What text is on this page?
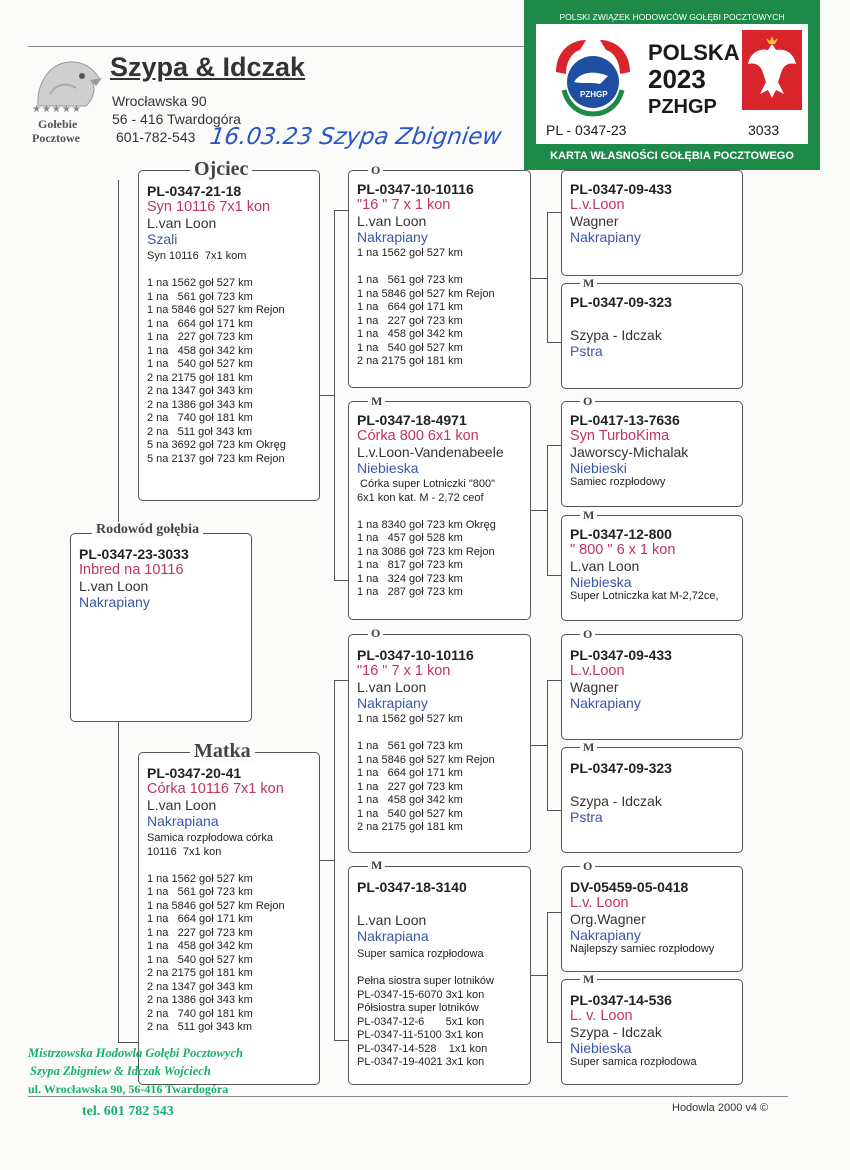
★★★★★
Gołebie
Pocztowe
Szypa & Idczak
Wrocławska 90
56 - 416 Twardogóra
601-782-543 16.03.23 Szypa Zbigniew
POLSKI ZWIĄZEK HODOWCÓW GOŁĘBI POCZTOWYCH
PZHGP
POLSKA
2023
PZHGP
PL - 0347-23	3033
KARTA WŁASNOŚCI GOŁĘBIA POCZTOWEGO
PL-0347-23-3033
Inbred na 10116
L.van Loon
Nakrapiany
Rodowód gołębia
PL-0347-21-18
Syn 10116 7x1 kon
L.van Loon
Szali
Syn 10116  7x1 kom

1 na 1562 goł 527 km
1 na   561 goł 723 km
1 na 5846 goł 527 km Rejon
1 na   664 goł 171 km
1 na   227 goł 723 km
1 na   458 goł 342 km
1 na   540 goł 527 km
2 na 2175 goł 181 km
2 na 1347 goł 343 km
2 na 1386 goł 343 km
2 na   740 goł 181 km
2 na   511 goł 343 km
5 na 3692 goł 723 km Okręg
5 na 2137 goł 723 km Rejon
Ojciec
PL-0347-20-41
Córka 10116 7x1 kon
L.van Loon
Nakrapiana
Samica rozpłodowa córka
10116  7x1 kon

1 na 1562 goł 527 km
1 na   561 goł 723 km
1 na 5846 goł 527 km Rejon
1 na   664 goł 171 km
1 na   227 goł 723 km
1 na   458 goł 342 km
1 na   540 goł 527 km
2 na 2175 goł 181 km
2 na 1347 goł 343 km
2 na 1386 goł 343 km
2 na   740 goł 181 km
2 na   511 goł 343 km
Matka
PL-0347-10-10116
"16 " 7 x 1 kon
L.van Loon
Nakrapiany
1 na 1562 goł 527 km

1 na   561 goł 723 km
1 na 5846 goł 527 km Rejon
1 na   664 goł 171 km
1 na   227 goł 723 km
1 na   458 goł 342 km
1 na   540 goł 527 km
2 na 2175 goł 181 km
O
PL-0347-18-4971
Córka 800 6x1 kon
L.v.Loon-Vandenabeele
Niebieska
Córka super Lotniczki "800"
6x1 kon kat. M - 2,72 ceof

1 na 8340 goł 723 km Okręg
1 na   457 goł 528 km
1 na 3086 goł 723 km Rejon
1 na   817 goł 723 km
1 na   324 goł 723 km
1 na   287 goł 723 km
M
PL-0347-10-10116
"16 " 7 x 1 kon
L.van Loon
Nakrapiany
1 na 1562 goł 527 km

1 na   561 goł 723 km
1 na 5846 goł 527 km Rejon
1 na   664 goł 171 km
1 na   227 goł 723 km
1 na   458 goł 342 km
1 na   540 goł 527 km
2 na 2175 goł 181 km
O
PL-0347-18-3140
L.van Loon
Nakrapiana
Super samica rozpłodowa

Pełna siostra super lotników
PL-0347-15-6070 3x1 kon
Półsiostra super lotników
PL-0347-12-6       5x1 kon
PL-0347-11-5100 3x1 kon
PL-0347-14-528    1x1 kon
PL-0347-19-4021 3x1 kon
M
PL-0347-09-433
L.v.Loon
Wagner
Nakrapiany
PL-0347-09-323
Szypa - Idczak
Pstra
M
PL-0417-13-7636
Syn TurboKima
Jaworscy-Michalak
Niebieski
Samiec rozpłodowy
O
PL-0347-12-800
" 800 " 6 x 1 kon
L.van Loon
Niebieska
Super Lotniczka kat M-2,72ce,
M
PL-0347-09-433
L.v.Loon
Wagner
Nakrapiany
O
PL-0347-09-323
Szypa - Idczak
Pstra
M
DV-05459-05-0418
L.v. Loon
Org.Wagner
Nakrapiany
Najlepszy samiec rozpłodowy
O
PL-0347-14-536
L. v. Loon
Szypa - Idczak
Niebieska
Super samica rozpłodowa
M
Hodowla 2000 v4 ©
Mistrzowska Hodowla Gołębi Pocztowych
Szypa Zbigniew & Idczak Wojciech
ul. Wrocławska 90, 56-416 Twardogóra
tel. 601 782 543
